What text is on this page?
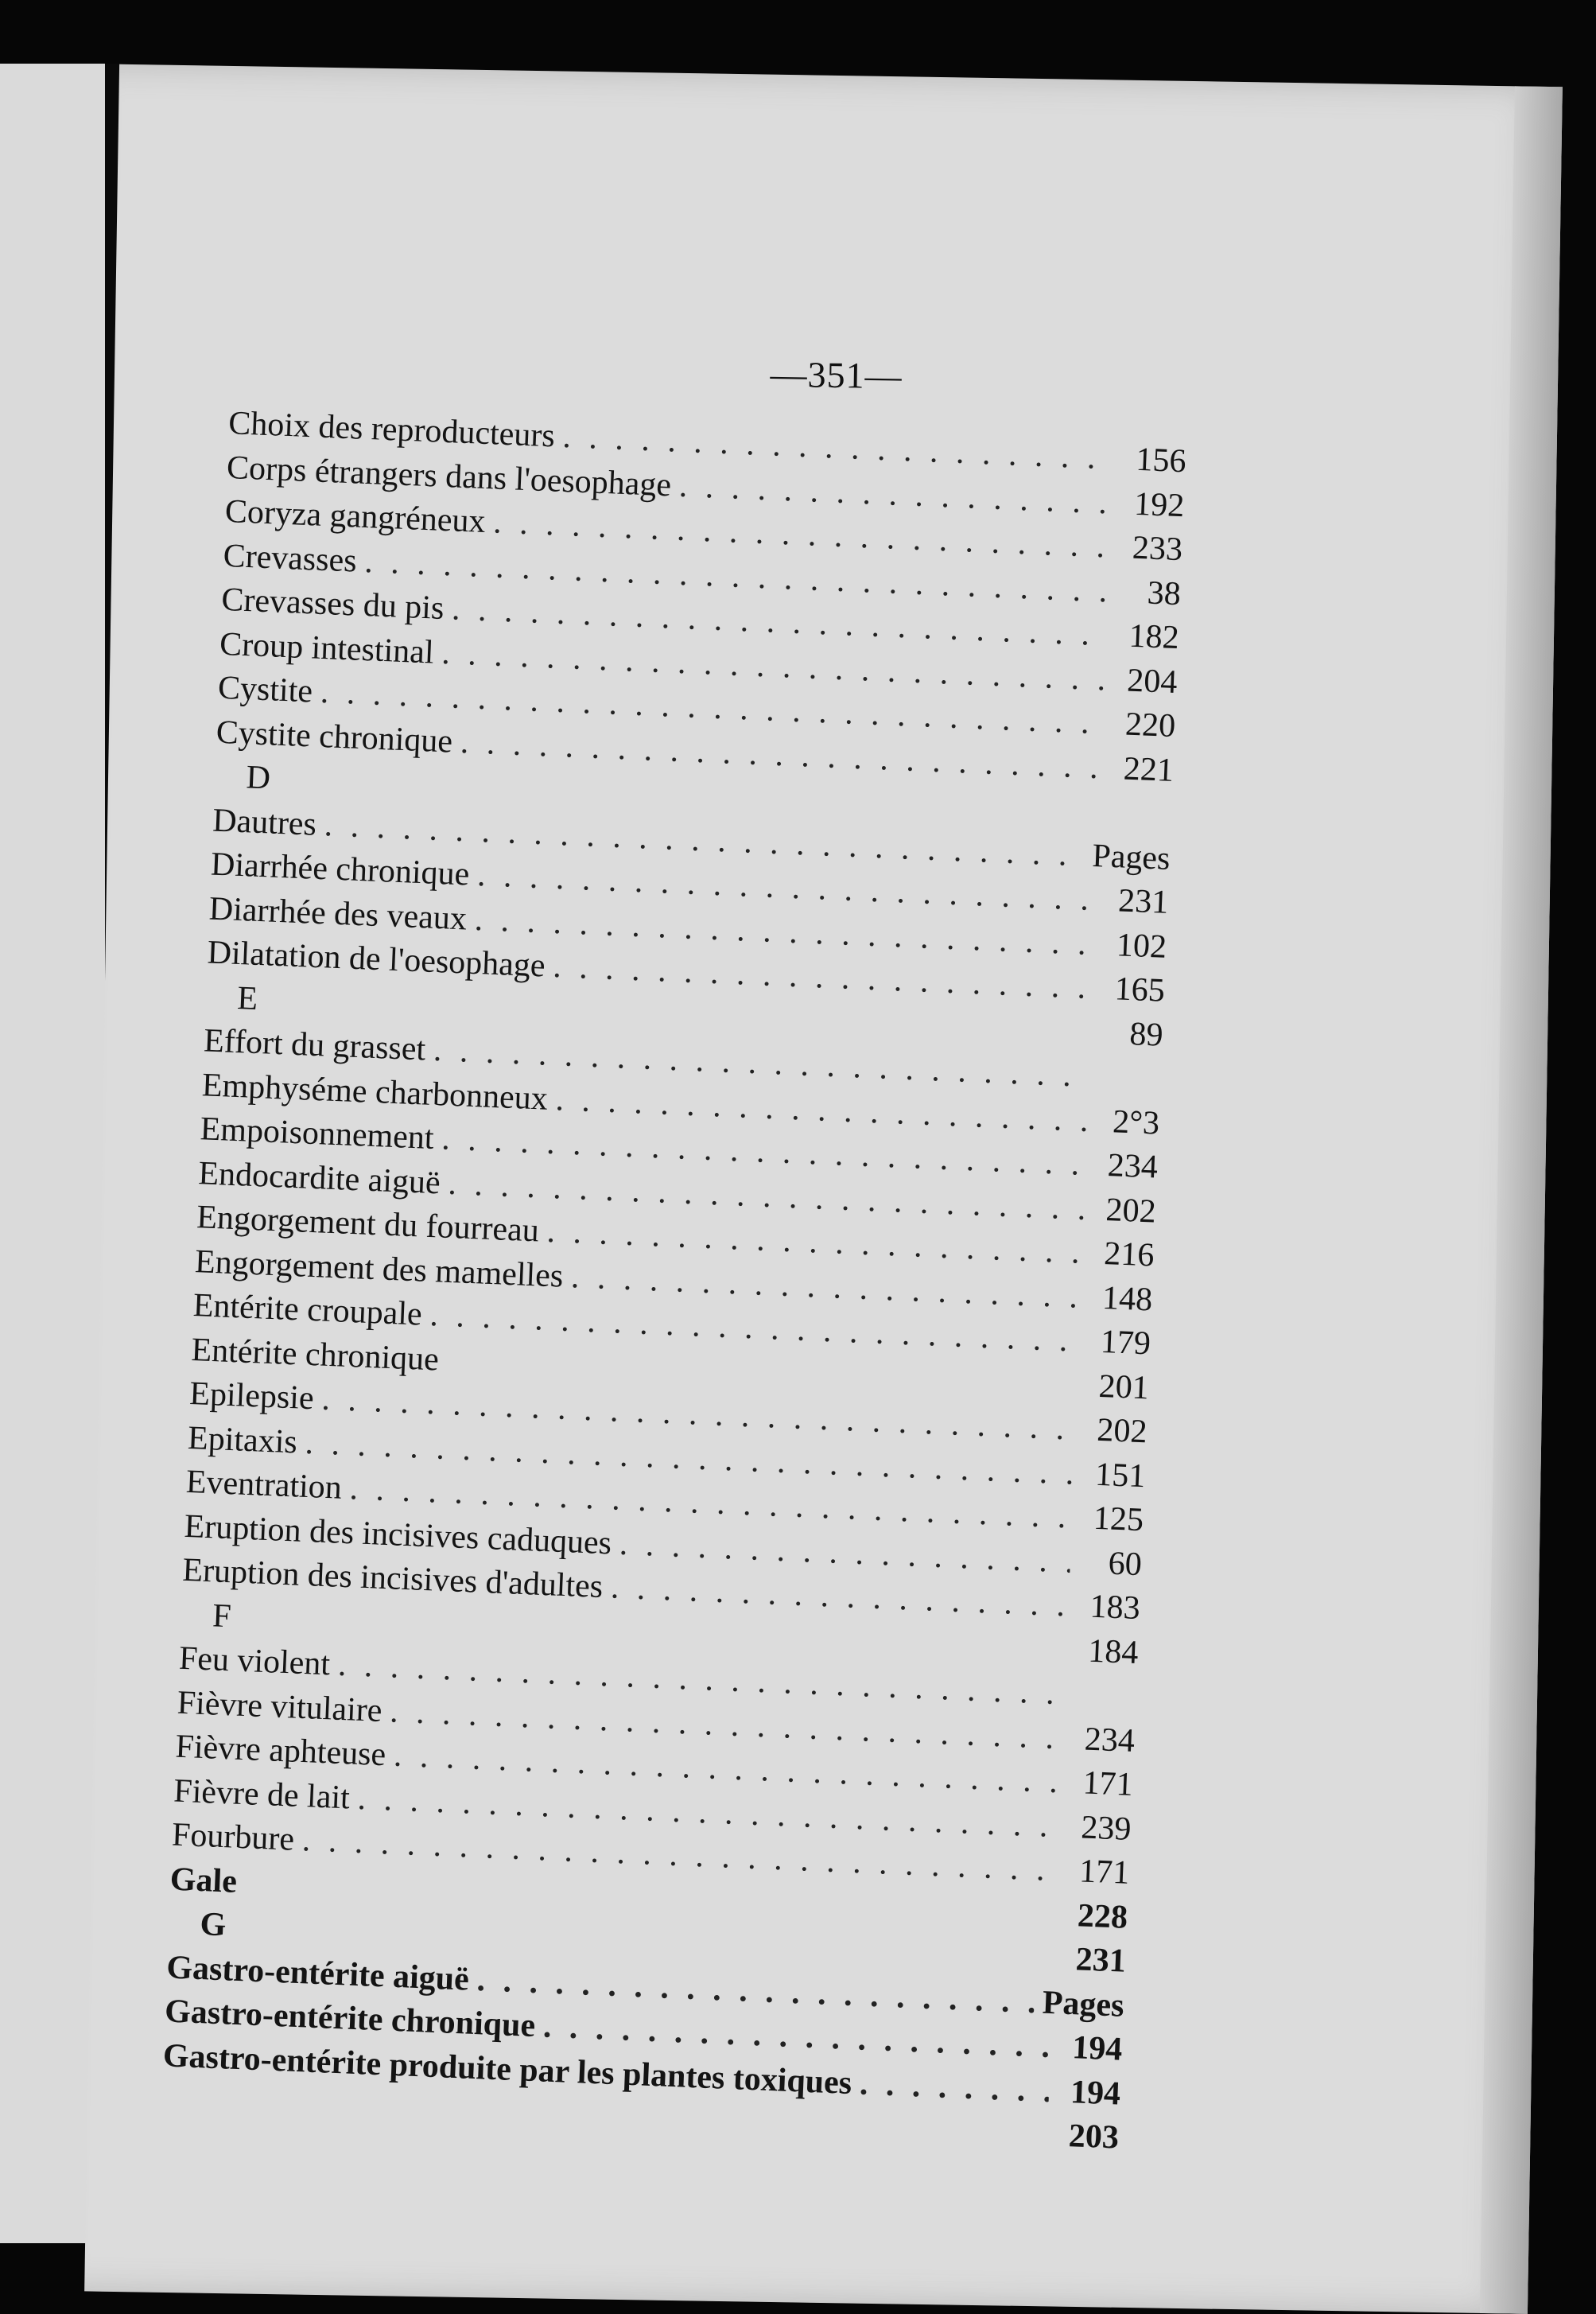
—351—
Choix des reproducteurs
. . .
156
Corps étrangers dans l'oesophage
. . .
192
Coryza gangréneux
. . .
233
Crevasses
. . .
38
Crevasses du pis
. . .
182
Croup intestinal
. . .
204
Cystite
. . .
220
Cystite chronique
. . .
221
D
Dautres
. . .
Pages
Diarrhée chronique
. . .
231
Diarrhée des veaux
. . .
102
Dilatation de l'oesophage
. . .
165
E
89
Effort du grasset
. . .
Emphyséme charbonneux
. . .
2°3
Empoisonnement
. . .
234
Endocardite aiguë
. . .
202
Engorgement du fourreau
. . .
216
Engorgement des mamelles
. . .
148
Entérite croupale
. . .
179
Entérite chronique
201
Epilepsie
. . .
202
Epitaxis
. . .
151
Eventration
. . .
125
Eruption des incisives caduques
. . .
60
Eruption des incisives d'adultes
. . .
183
F
184
Feu violent
. . .
Fièvre vitulaire
. . .
234
Fièvre aphteuse
. . .
171
Fièvre de lait
. . .
239
Fourbure
. . .
171
Gale
228
G
231
Gastro-entérite aiguë
. . .
Pages
Gastro-entérite chronique
. . .
194
Gastro-entérite produite par les plantes toxiques
. . .	194
203
